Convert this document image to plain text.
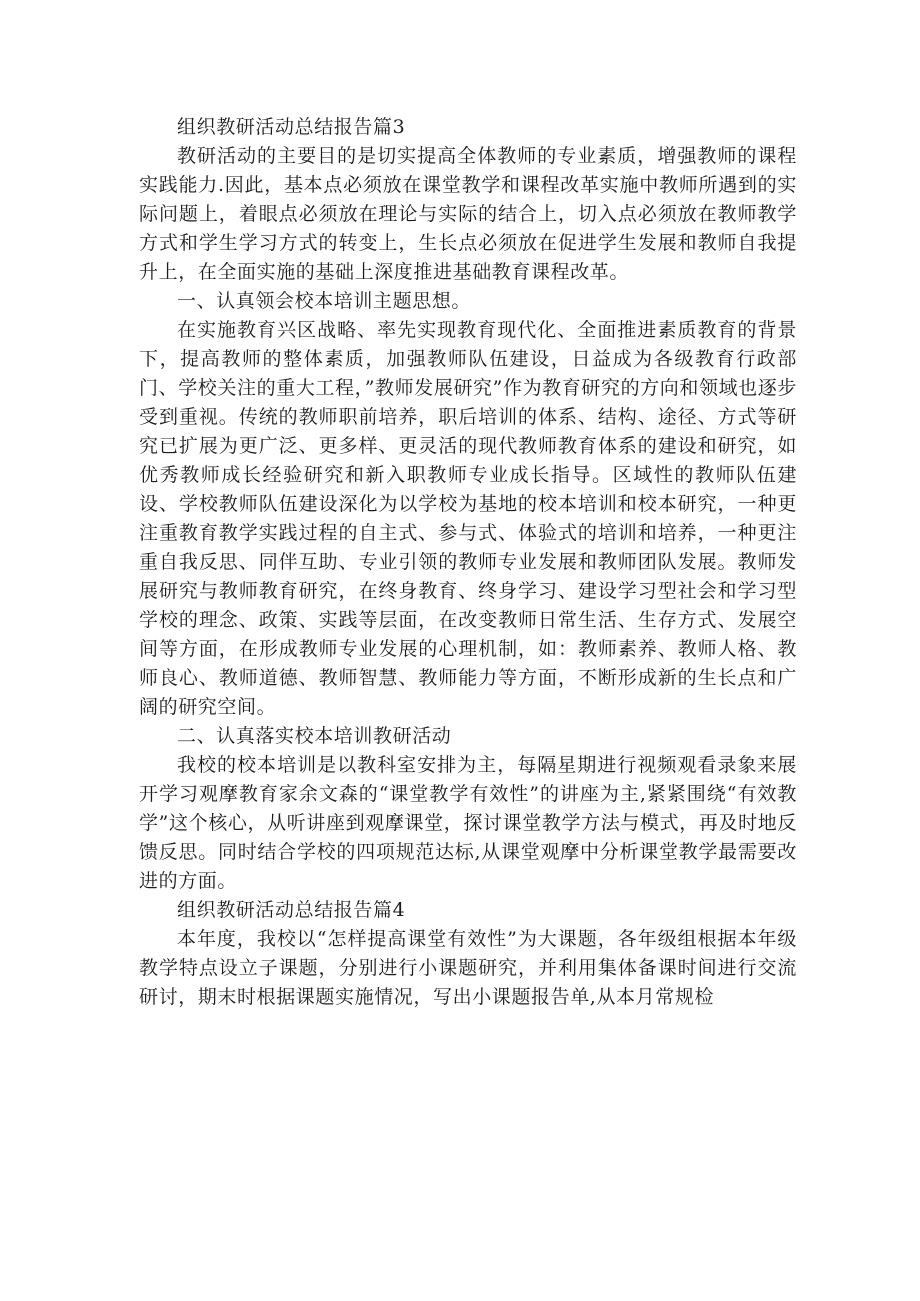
组织教研活动总结报告篇3

教研活动的主要目的是切实提高全体教师的专业素质，增强教师的课程实践能力.因此，基本点必须放在课堂教学和课程改革实施中教师所遇到的实际问题上，着眼点必须放在理论与实际的结合上，切入点必须放在教师教学方式和学生学习方式的转变上，生长点必须放在促进学生发展和教师自我提升上，在全面实施的基础上深度推进基础教育课程改革。

一、认真领会校本培训主题思想。

在实施教育兴区战略、率先实现教育现代化、全面推进素质教育的背景下，提高教师的整体素质，加强教师队伍建设，日益成为各级教育行政部门、学校关注的重大工程，”教师发展研究”作为教育研究的方向和领域也逐步受到重视。传统的教师职前培养，职后培训的体系、结构、途径、方式等研究已扩展为更广泛、更多样、更灵活的现代教师教育体系的建设和研究，如优秀教师成长经验研究和新入职教师专业成长指导。区域性的教师队伍建设、学校教师队伍建设深化为以学校为基地的校本培训和校本研究，一种更注重教育教学实践过程的自主式、参与式、体验式的培训和培养，一种更注重自我反思、同伴互助、专业引领的教师专业发展和教师团队发展。教师发展研究与教师教育研究，在终身教育、终身学习、建设学习型社会和学习型学校的理念、政策、实践等层面，在改变教师日常生活、生存方式、发展空间等方面，在形成教师专业发展的心理机制，如：教师素养、教师人格、教师良心、教师道德、教师智慧、教师能力等方面，不断形成新的生长点和广阔的研究空间。

二、认真落实校本培训教研活动

我校的校本培训是以教科室安排为主，每隔星期进行视频观看录象来展开学习观摩教育家余文森的“课堂教学有效性”的讲座为主,紧紧围绕“有效教学”这个核心，从听讲座到观摩课堂，探讨课堂教学方法与模式，再及时地反馈反思。同时结合学校的四项规范达标,从课堂观摩中分析课堂教学最需要改进的方面。

组织教研活动总结报告篇4

本年度，我校以“怎样提高课堂有效性”为大课题，各年级组根据本年级教学特点设立子课题，分别进行小课题研究，并利用集体备课时间进行交流研讨，期末时根据课题实施情况，写出小课题报告单,从本月常规检
